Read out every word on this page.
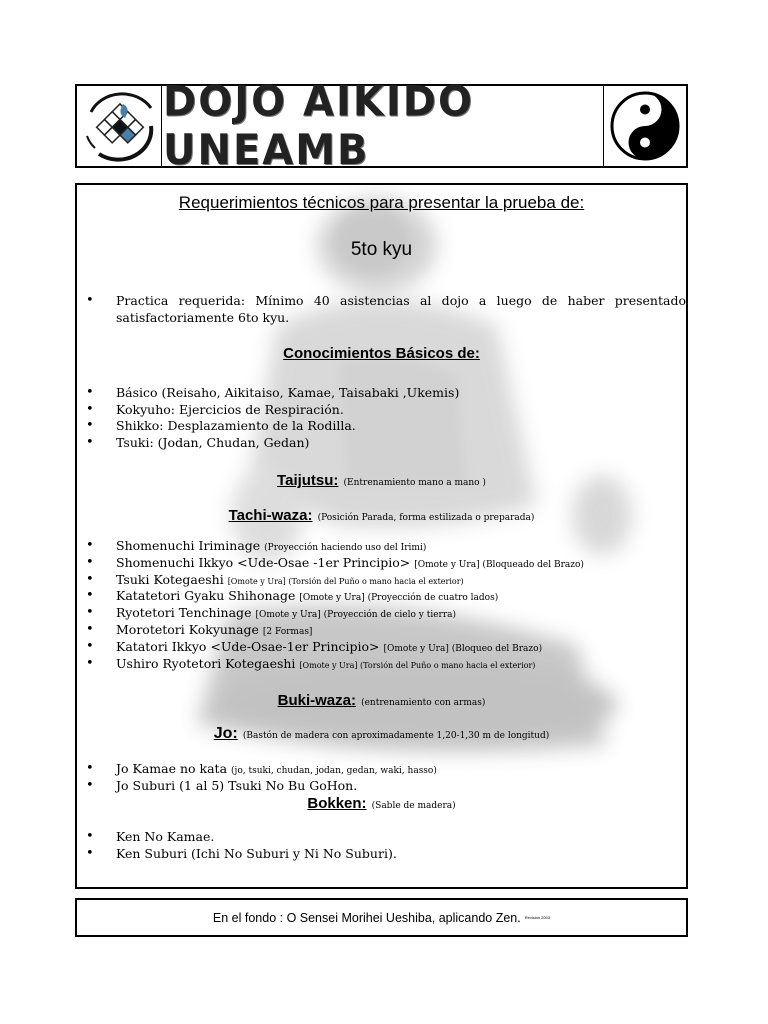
DOJO AIKIDO UNEAMB
Requerimientos técnicos para presentar la prueba de:
5to kyu
• Practica requerida: Mínimo 40 asistencias al dojo a luego de haber presentado
satisfactoriamente 6to kyu.
Conocimientos Básicos de:
• Básico (Reisaho, Aikitaiso, Kamae, Taisabaki ,Ukemis)
• Kokyuho: Ejercicios de Respiración.
• Shikko: Desplazamiento de la Rodilla.
• Tsuki: (Jodan, Chudan, Gedan)
Taijutsu: (Entrenamiento mano a mano )
Tachi-waza: (Posición Parada, forma estilizada o preparada)
• Shomenuchi Iriminage (Proyección haciendo uso del Irimi)
• Shomenuchi Ikkyo <Ude-Osae -1er Principio> [Omote y Ura] (Bloqueado del Brazo)
• Tsuki Kotegaeshi [Omote y Ura] (Torsión del Puño o mano hacia el exterior)
• Katatetori Gyaku Shihonage [Omote y Ura] (Proyección de cuatro lados)
• Ryotetori Tenchinage [Omote y Ura] (Proyección de cielo y tierra)
• Morotetori Kokyunage [2 Formas]
• Katatori Ikkyo <Ude-Osae-1er Principio> [Omote y Ura] (Bloqueo del Brazo)
• Ushiro Ryotetori Kotegaeshi [Omote y Ura] (Torsión del Puño o mano hacia el exterior)
Buki-waza: (entrenamiento con armas)
Jo: (Bastón de madera con aproximadamente 1,20-1,30 m de longitud)
• Jo Kamae no kata (jo, tsuki, chudan, jodan, gedan, waki, hasso)
• Jo Suburi (1 al 5) Tsuki No Bu GoHon.
Bokken: (Sable de madera)
• Ken No Kamae.
• Ken Suburi (Ichi No Suburi y Ni No Suburi).
En el fondo : O Sensei Morihei Ueshiba, aplicando Zen. Revisión 2003
